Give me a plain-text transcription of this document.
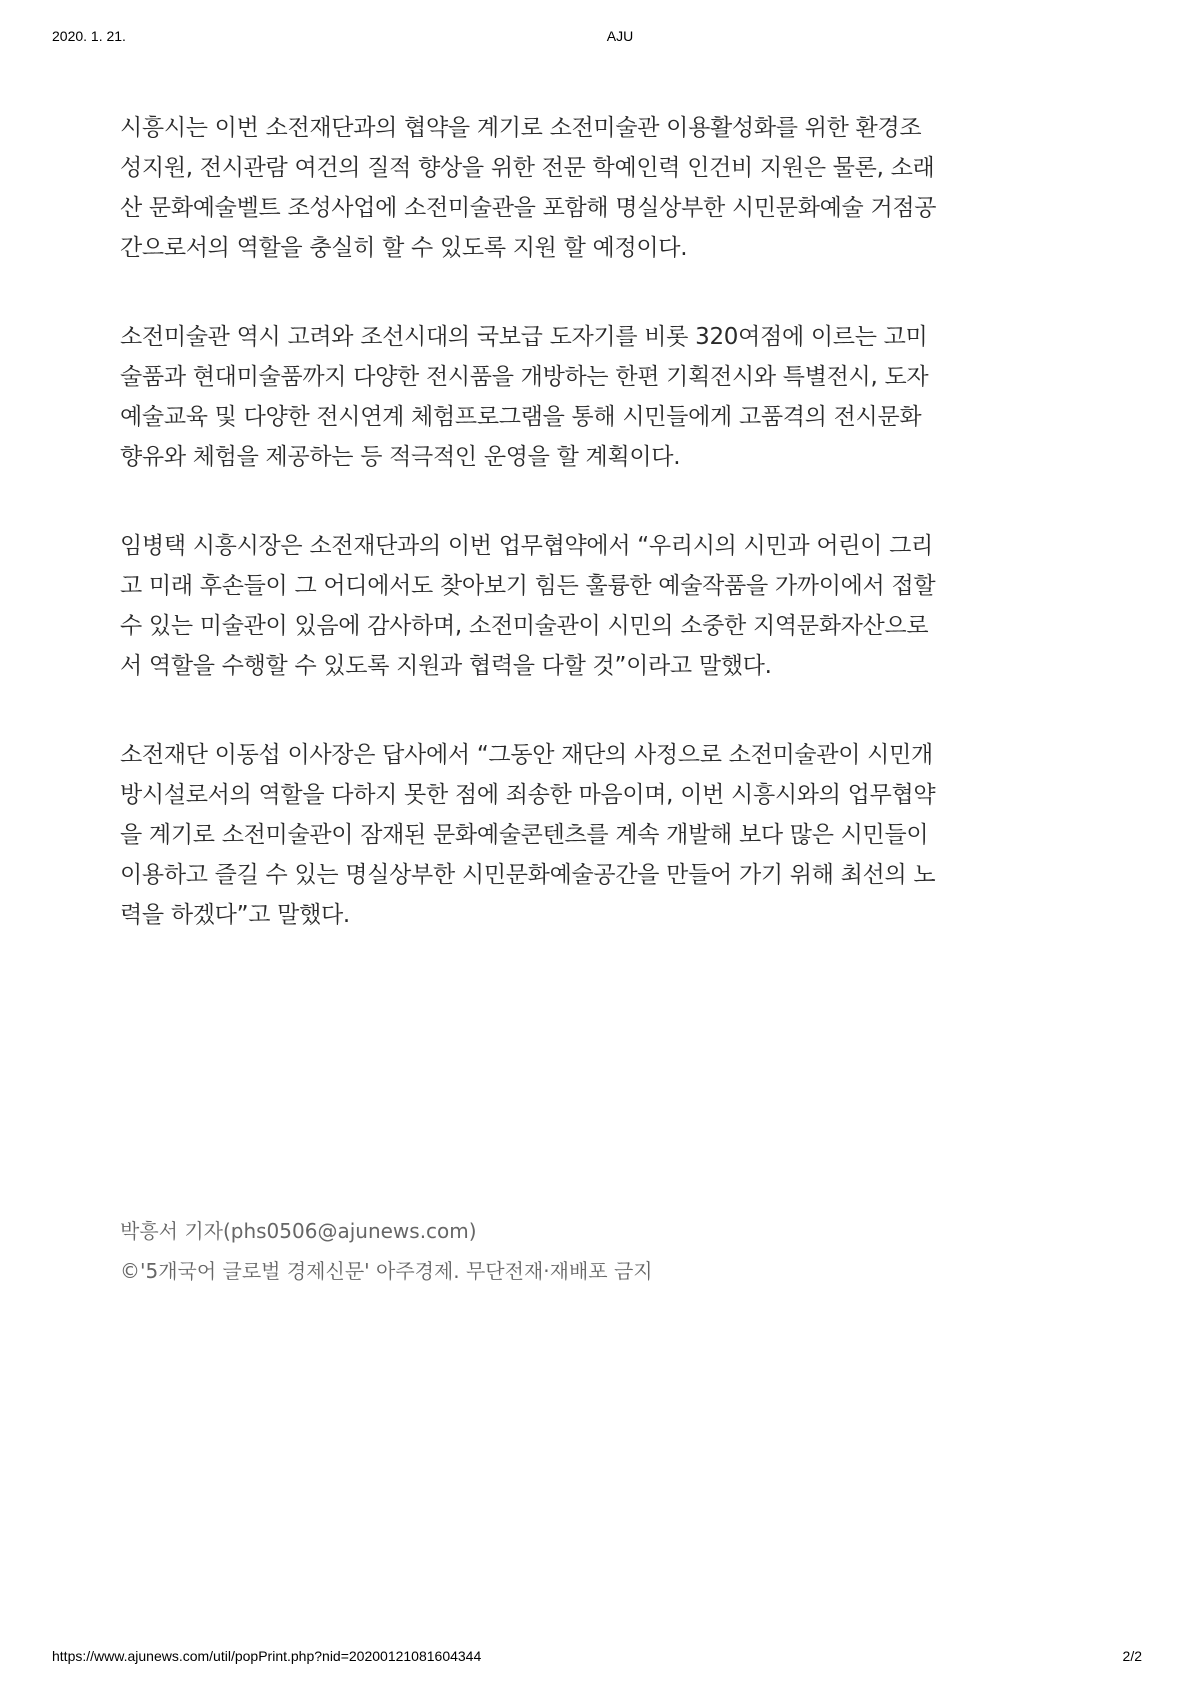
2020. 1. 21.	AJU

시흥시는 이번 소전재단과의 협약을 계기로 소전미술관 이용활성화를 위한 환경조
성지원, 전시관람 여건의 질적 향상을 위한 전문 학예인력 인건비 지원은 물론, 소래
산 문화예술벨트 조성사업에 소전미술관을 포함해 명실상부한 시민문화예술 거점공
간으로서의 역할을 충실히 할 수 있도록 지원 할 예정이다.

소전미술관 역시 고려와 조선시대의 국보급 도자기를 비롯 320여점에 이르는 고미
술품과 현대미술품까지 다양한 전시품을 개방하는 한편 기획전시와 특별전시, 도자
예술교육 및 다양한 전시연계 체험프로그램을 통해 시민들에게 고품격의 전시문화
향유와 체험을 제공하는 등 적극적인 운영을 할 계획이다.

임병택 시흥시장은 소전재단과의 이번 업무협약에서 “우리시의 시민과 어린이 그리
고 미래 후손들이 그 어디에서도 찾아보기 힘든 훌륭한 예술작품을 가까이에서 접할
수 있는 미술관이 있음에 감사하며, 소전미술관이 시민의 소중한 지역문화자산으로
서 역할을 수행할 수 있도록 지원과 협력을 다할 것”이라고 말했다.

소전재단 이동섭 이사장은 답사에서 “그동안 재단의 사정으로 소전미술관이 시민개
방시설로서의 역할을 다하지 못한 점에 죄송한 마음이며, 이번 시흥시와의 업무협약
을 계기로 소전미술관이 잠재된 문화예술콘텐츠를 계속 개발해 보다 많은 시민들이
이용하고 즐길 수 있는 명실상부한 시민문화예술공간을 만들어 가기 위해 최선의 노
력을 하겠다”고 말했다.

박흥서 기자(phs0506@ajunews.com)
©'5개국어 글로벌 경제신문' 아주경제. 무단전재·재배포 금지
https://www.ajunews.com/util/popPrint.php?nid=20200121081604344	2/2
